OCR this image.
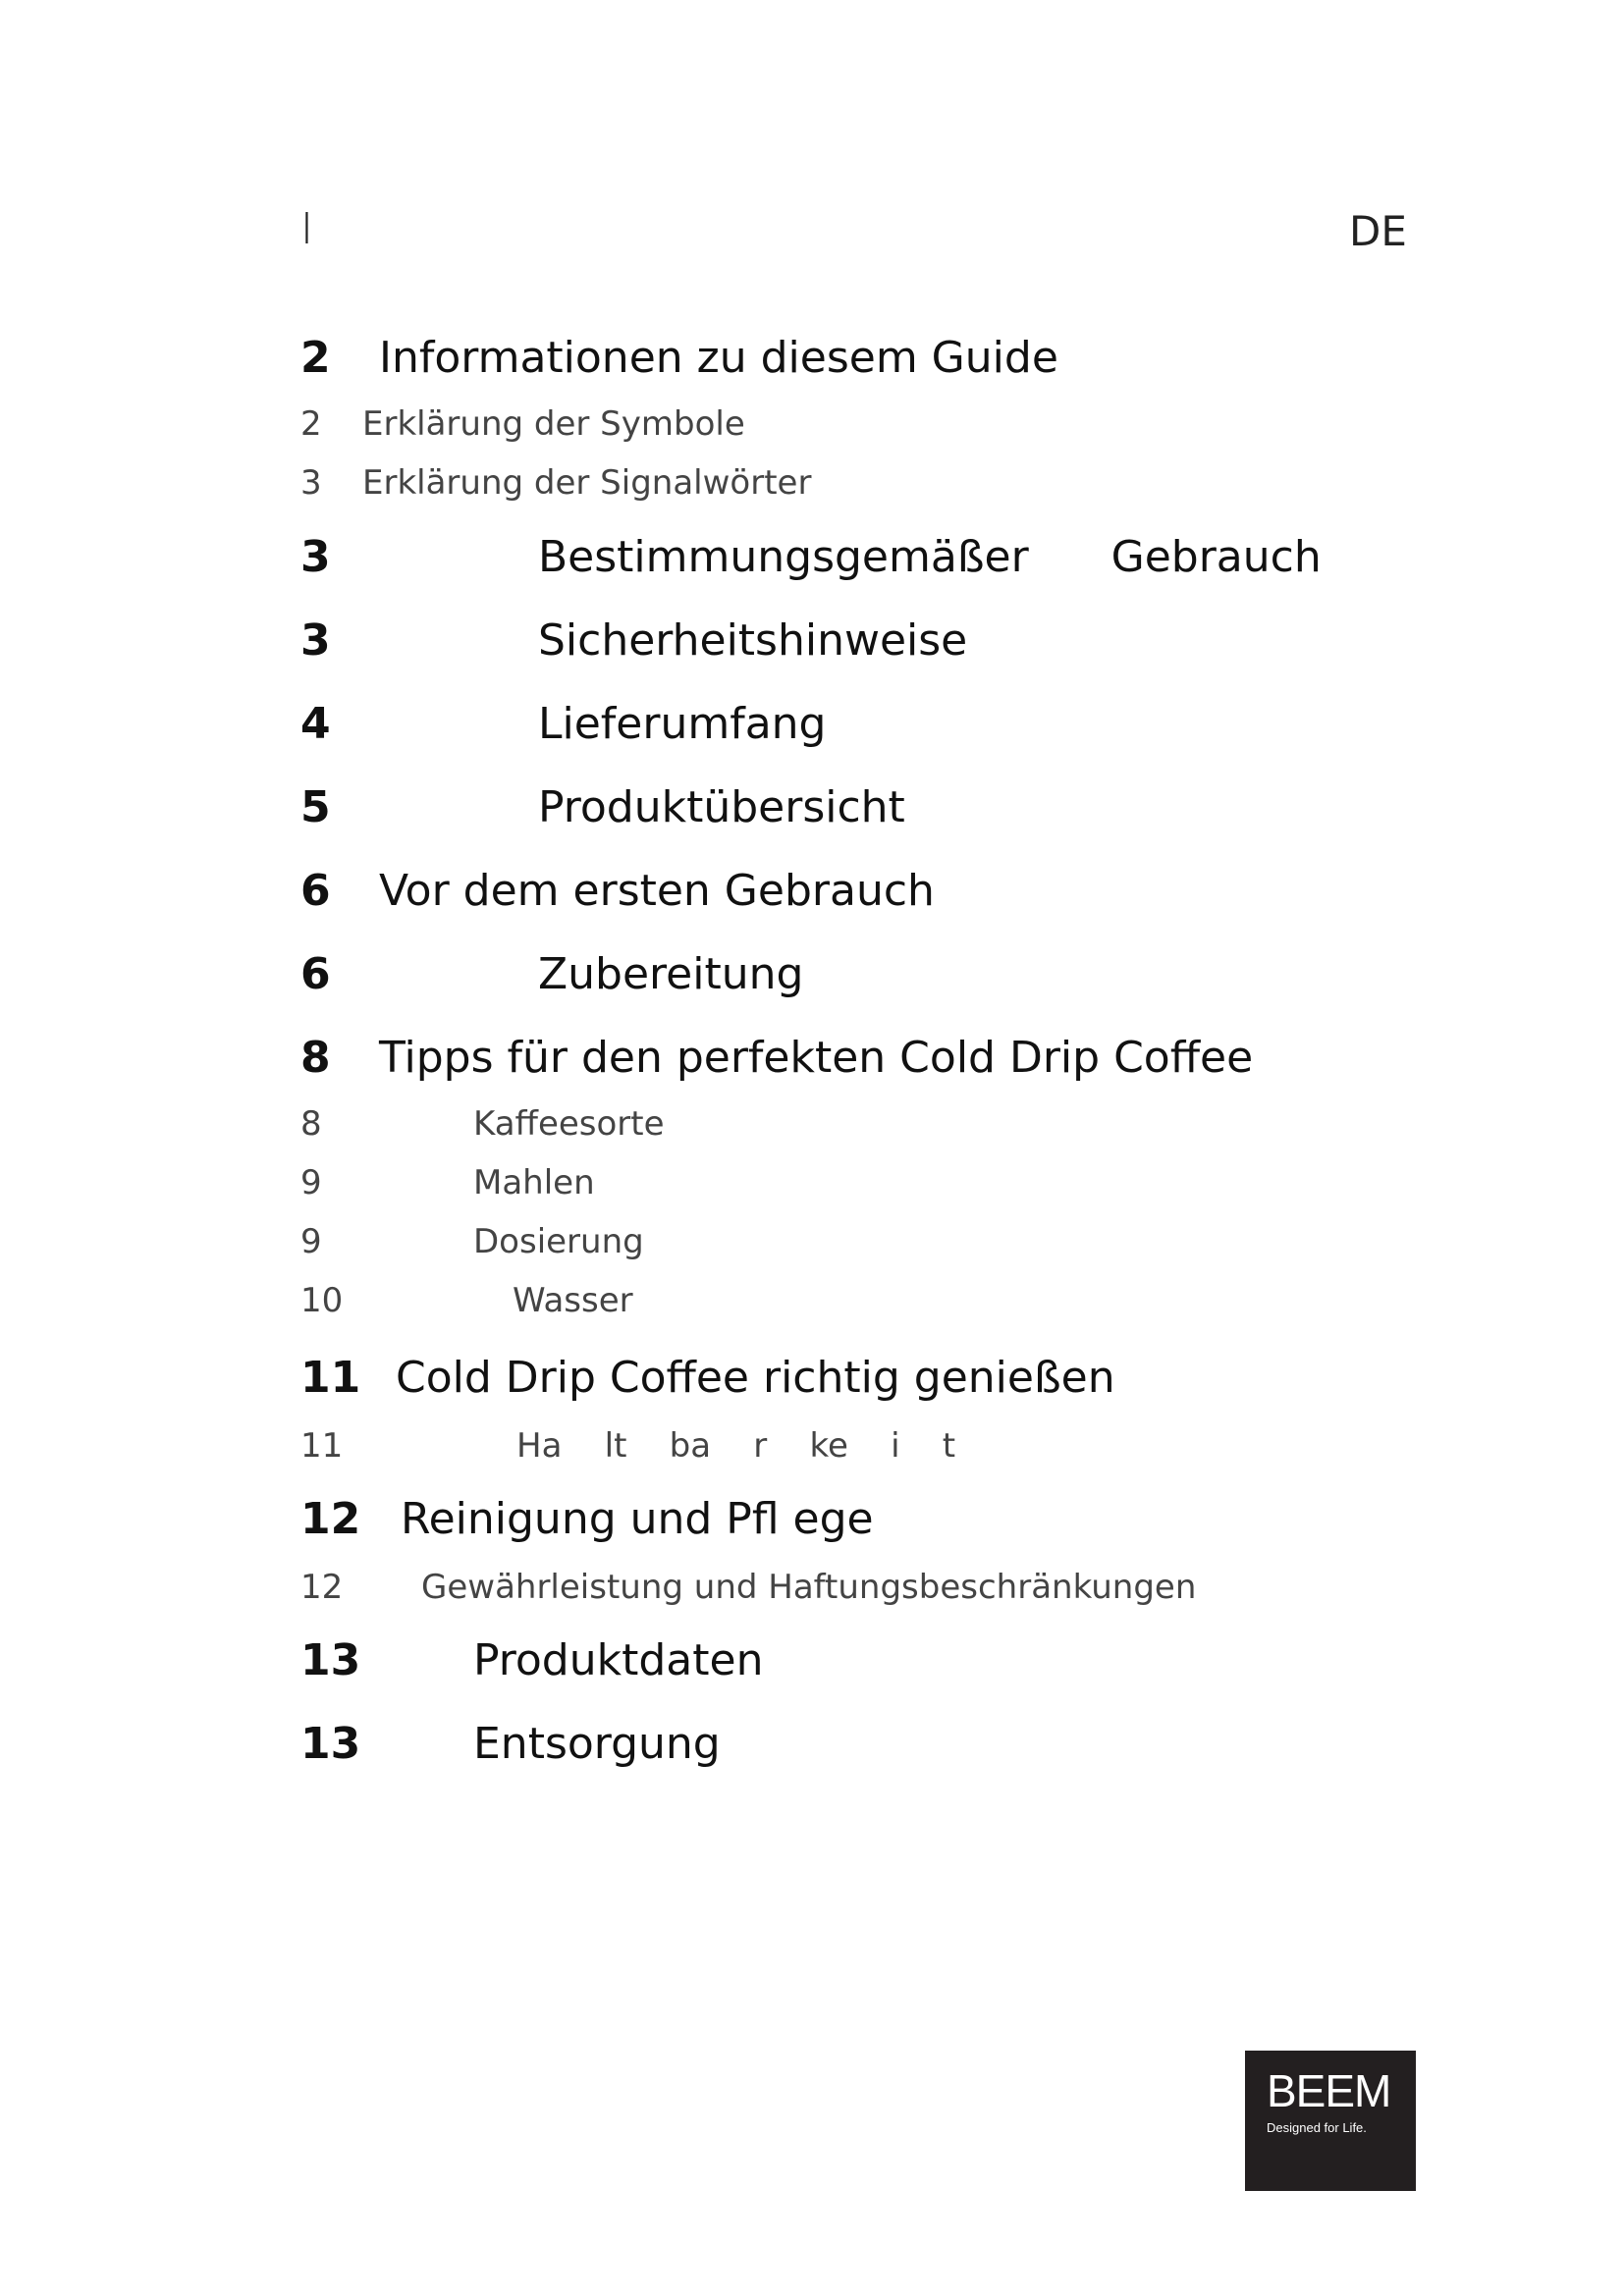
I	DE
2 Informationen zu diesem Guide
2 Erklärung der Symbole
3 Erklärung der Signalwörter
3	Bestimmungsgemäßer      Gebrauch
3	Sicherheitshinweise
4	Lieferumfang
5	Produktübersicht
6 Vor dem ersten Gebrauch
6	Zubereitung
8 Tipps für den perfekten Cold Drip Coffee
8	Kaffeesorte
9	Mahlen
9	Dosierung
10	Wasser
11 Cold Drip Coffee richtig genießen
11	Ha    lt    ba    r    ke    i    t
12 Reinigung und Pfl ege
12 Gewährleistung und Haftungsbeschränkungen
13	Produktdaten
13	Entsorgung
BEEM
Designed for Life.
